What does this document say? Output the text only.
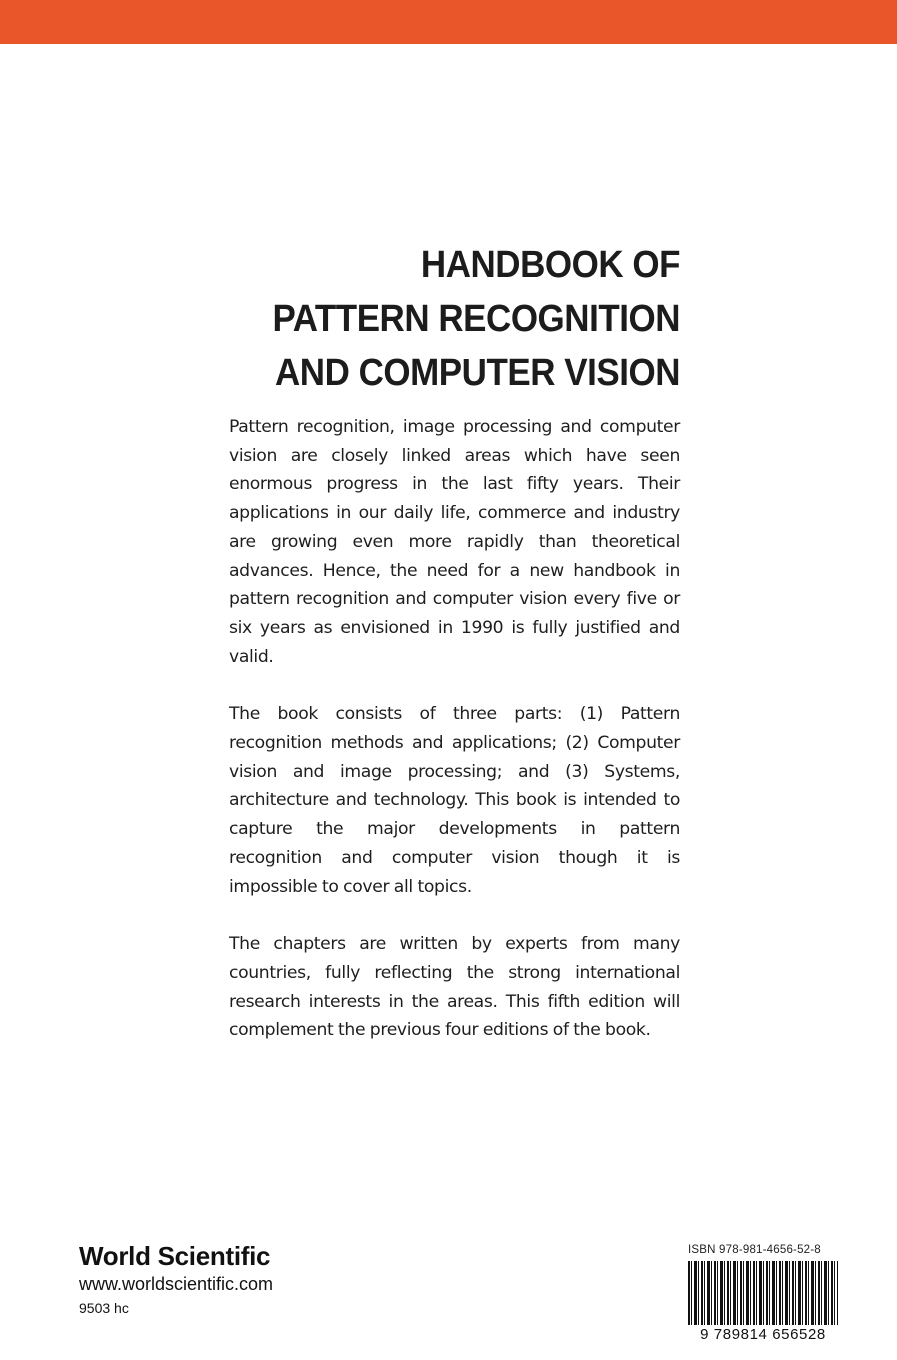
HANDBOOK OF
PATTERN RECOGNITION
AND COMPUTER VISION

Pattern recognition, image processing and computer vision are closely linked areas which have seen enormous progress in the last fifty years. Their applications in our daily life, commerce and industry are growing even more rapidly than theoretical advances. Hence, the need for a new handbook in pattern recognition and computer vision every five or six years as envisioned in 1990 is fully justified and valid.

The book consists of three parts: (1) Pattern recognition methods and applications; (2) Computer vision and image processing; and (3) Systems, architecture and technology. This book is intended to capture the major developments in pattern recognition and computer vision though it is impossible to cover all topics.

The chapters are written by experts from many countries, fully reflecting the strong international research interests in the areas. This fifth edition will complement the previous four editions of the book.

World Scientific
www.worldscientific.com
9503 hc
ISBN 978-981-4656-52-8
9 789814 656528
